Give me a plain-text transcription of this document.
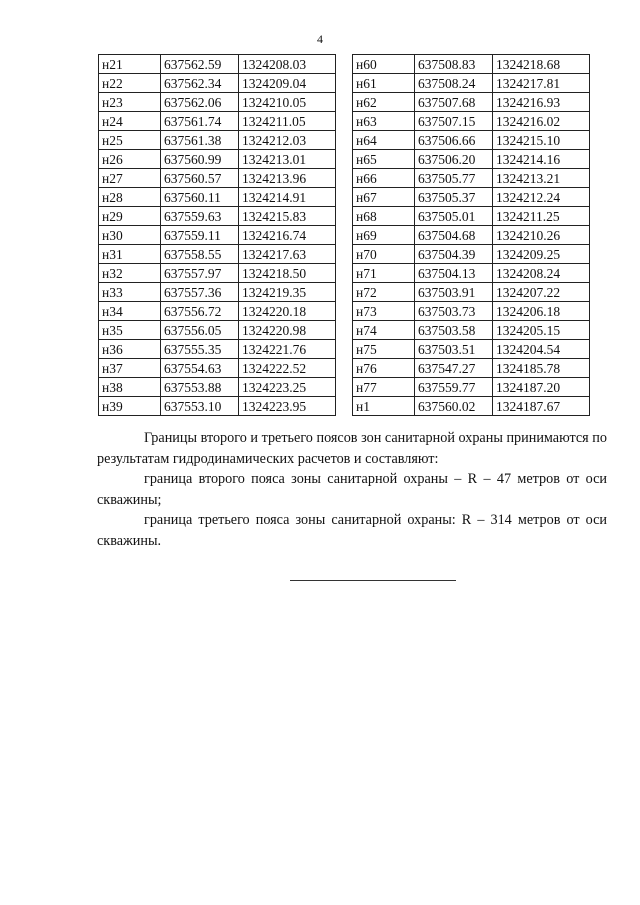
4
н21	637562.59	1324208.03
н22	637562.34	1324209.04
н23	637562.06	1324210.05
н24	637561.74	1324211.05
н25	637561.38	1324212.03
н26	637560.99	1324213.01
н27	637560.57	1324213.96
н28	637560.11	1324214.91
н29	637559.63	1324215.83
н30	637559.11	1324216.74
н31	637558.55	1324217.63
н32	637557.97	1324218.50
н33	637557.36	1324219.35
н34	637556.72	1324220.18
н35	637556.05	1324220.98
н36	637555.35	1324221.76
н37	637554.63	1324222.52
н38	637553.88	1324223.25
н39	637553.10	1324223.95
н60	637508.83	1324218.68
н61	637508.24	1324217.81
н62	637507.68	1324216.93
н63	637507.15	1324216.02
н64	637506.66	1324215.10
н65	637506.20	1324214.16
н66	637505.77	1324213.21
н67	637505.37	1324212.24
н68	637505.01	1324211.25
н69	637504.68	1324210.26
н70	637504.39	1324209.25
н71	637504.13	1324208.24
н72	637503.91	1324207.22
н73	637503.73	1324206.18
н74	637503.58	1324205.15
н75	637503.51	1324204.54
н76	637547.27	1324185.78
н77	637559.77	1324187.20
н1	637560.02	1324187.67

Границы второго и третьего поясов зон санитарной охраны принимаются по результатам гидродинамических расчетов и составляют:

граница второго пояса зоны санитарной охраны – R – 47 метров от оси скважины;

граница третьего пояса зоны санитарной охраны: R – 314 метров от оси скважины.
